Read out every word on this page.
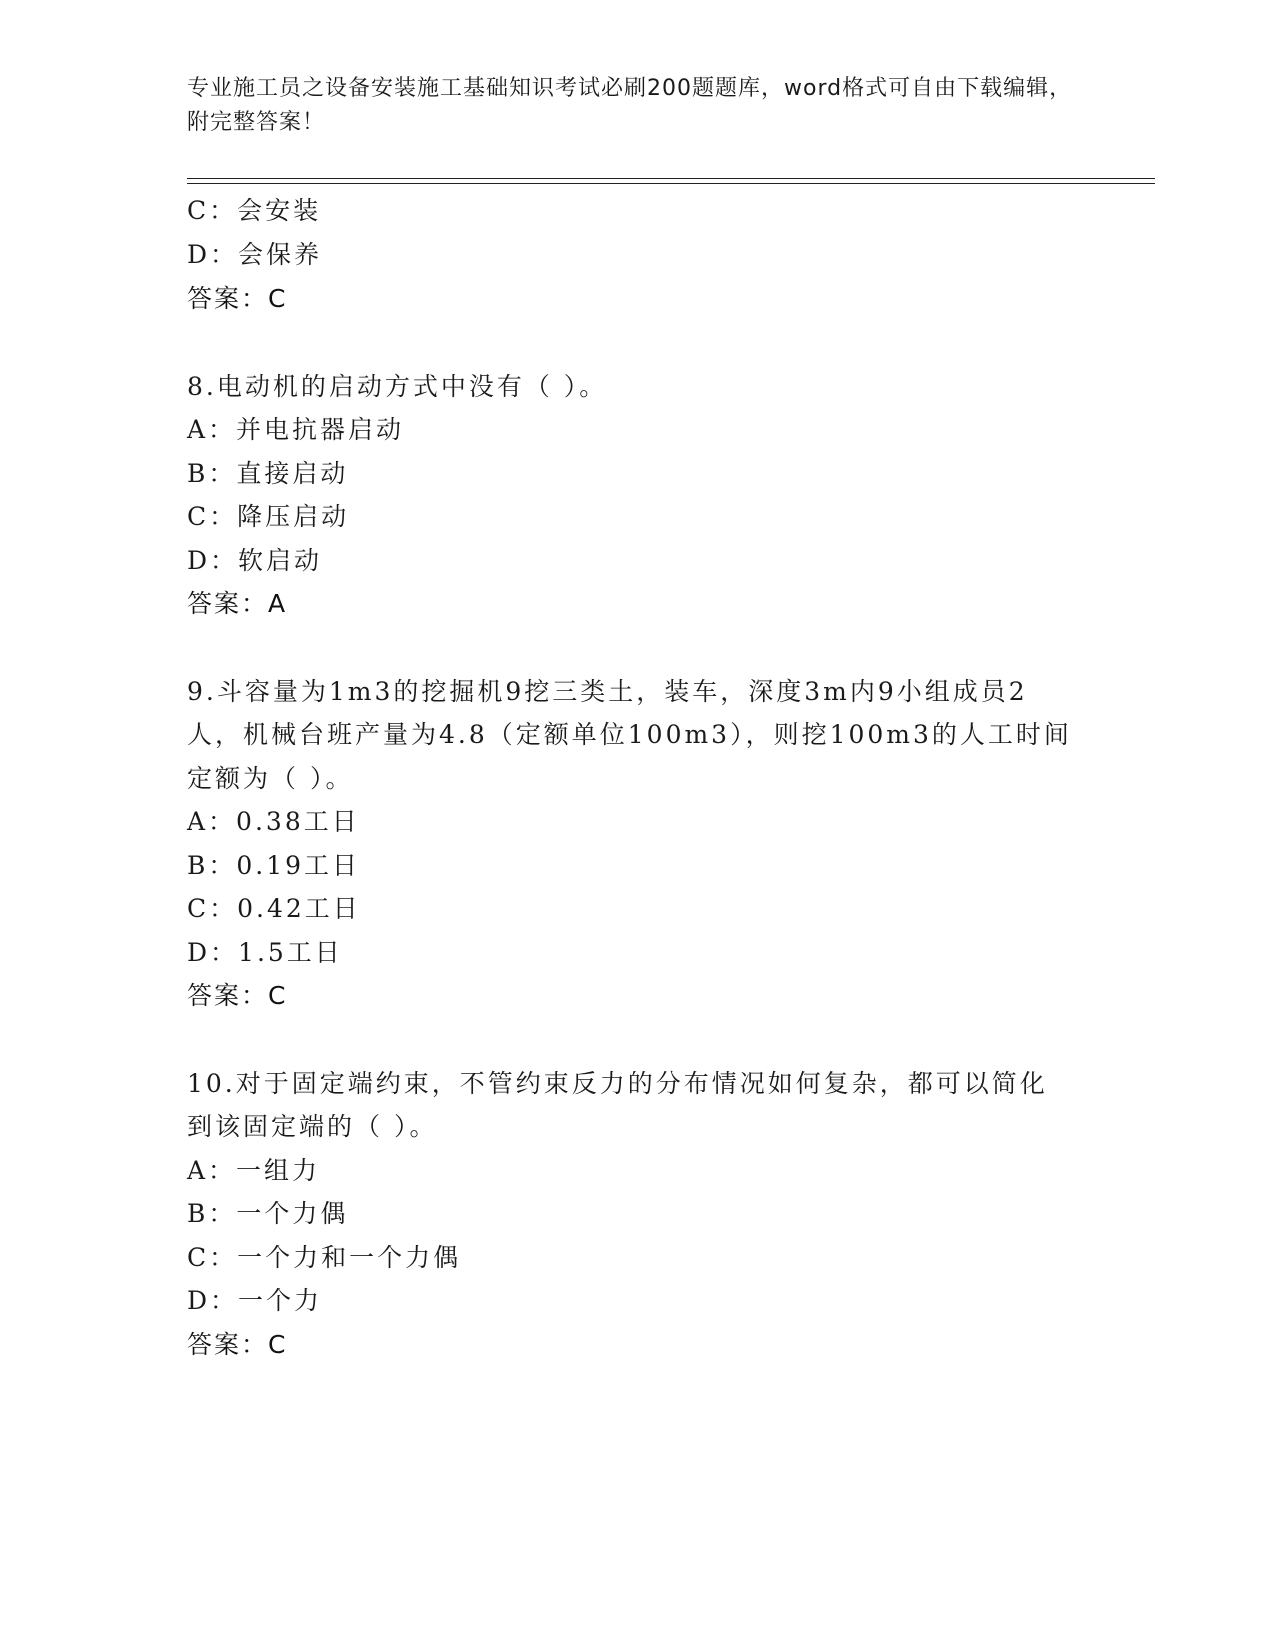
专业施工员之设备安装施工基础知识考试必刷200题题库，word格式可自由下载编辑，附完整答案！
C：会安装
D：会保养
答案：C
8.电动机的启动方式中没有（ ）。
A：并电抗器启动
B：直接启动
C：降压启动
D：软启动
答案：A
9.斗容量为1m3的挖掘机9挖三类土，装车，深度3m内9小组成员2
人，机械台班产量为4.8（定额单位100m3），则挖100m3的人工时间
定额为（ ）。
A：0.38工日
B：0.19工日
C：0.42工日
D：1.5工日
答案：C
10.对于固定端约束，不管约束反力的分布情况如何复杂，都可以简化
到该固定端的（ ）。
A：一组力
B：一个力偶
C：一个力和一个力偶
D：一个力
答案：C
